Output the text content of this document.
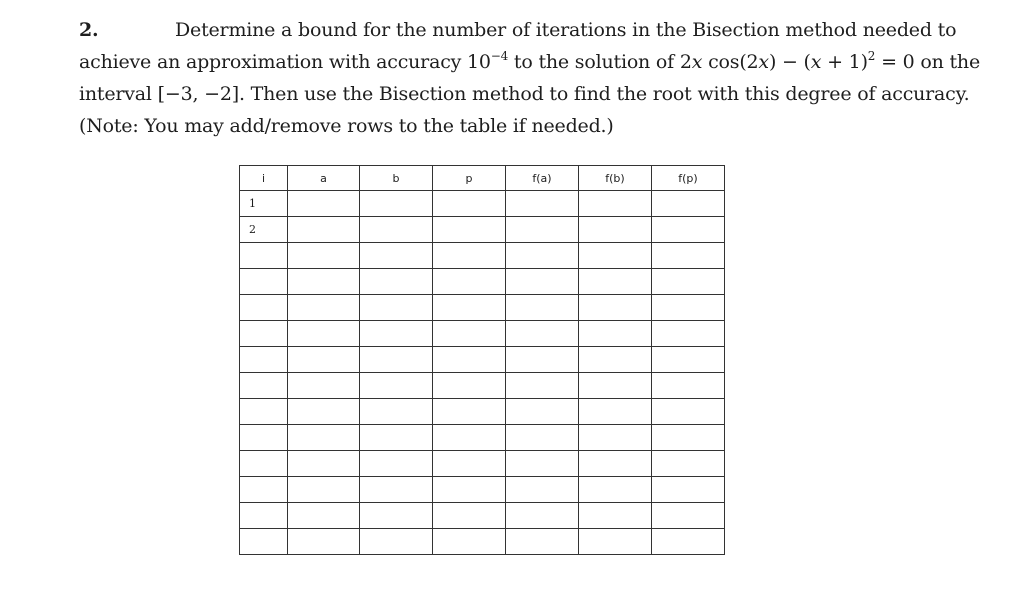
2.	Determine a bound for the number of iterations in the Bisection method needed to
achieve an approximation with accuracy $10^{-4}$ to the solution of 2x $\cos(2x) - (x + 1)^2 = 0$ on the
interval [−3, −2]. Then use the Bisection method to find the root with this degree of accuracy.
(Note: You may add/remove rows to the table if needed.)
i	a	b	p	f(a)	f(b)	f(p)
1						
2						
